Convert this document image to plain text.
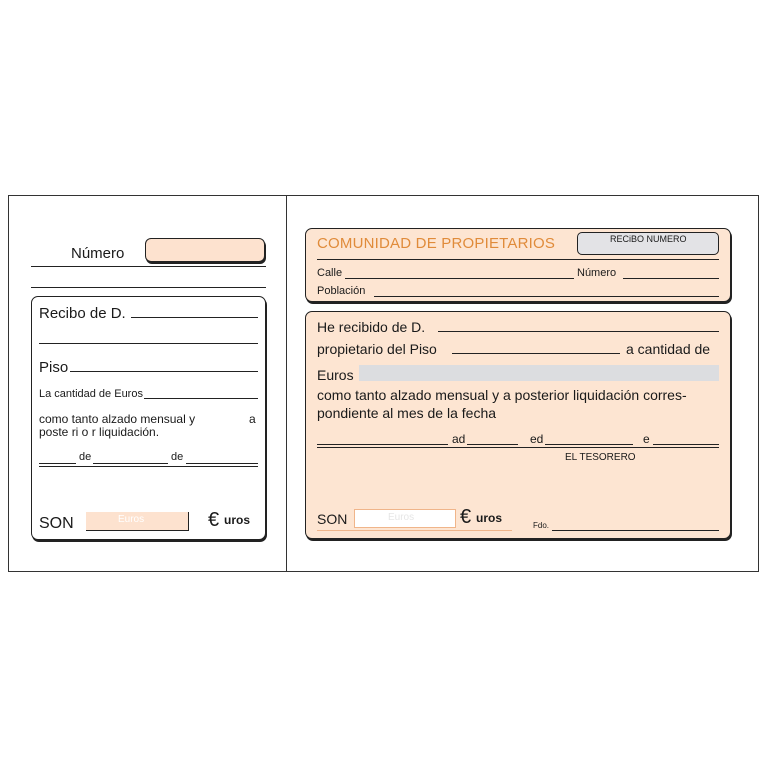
Número
Recibo de D.
Piso
La cantidad de Euros
como tanto alzado mensual y	a
poste ri o r liquidación.
de	de
SON	Euros	€ uros
COMUNIDAD DE PROPIETARIOS	RECiBO NUMERO
Calle	Número
Población
He recibido de D.
propietario del Piso	a cantidad de
Euros
como tanto alzado mensual y a posterior liquidación corres-
pondiente al mes de la fecha
ad	ed	e
EL TESORERO
SON	Euros € uros
Fdo.
